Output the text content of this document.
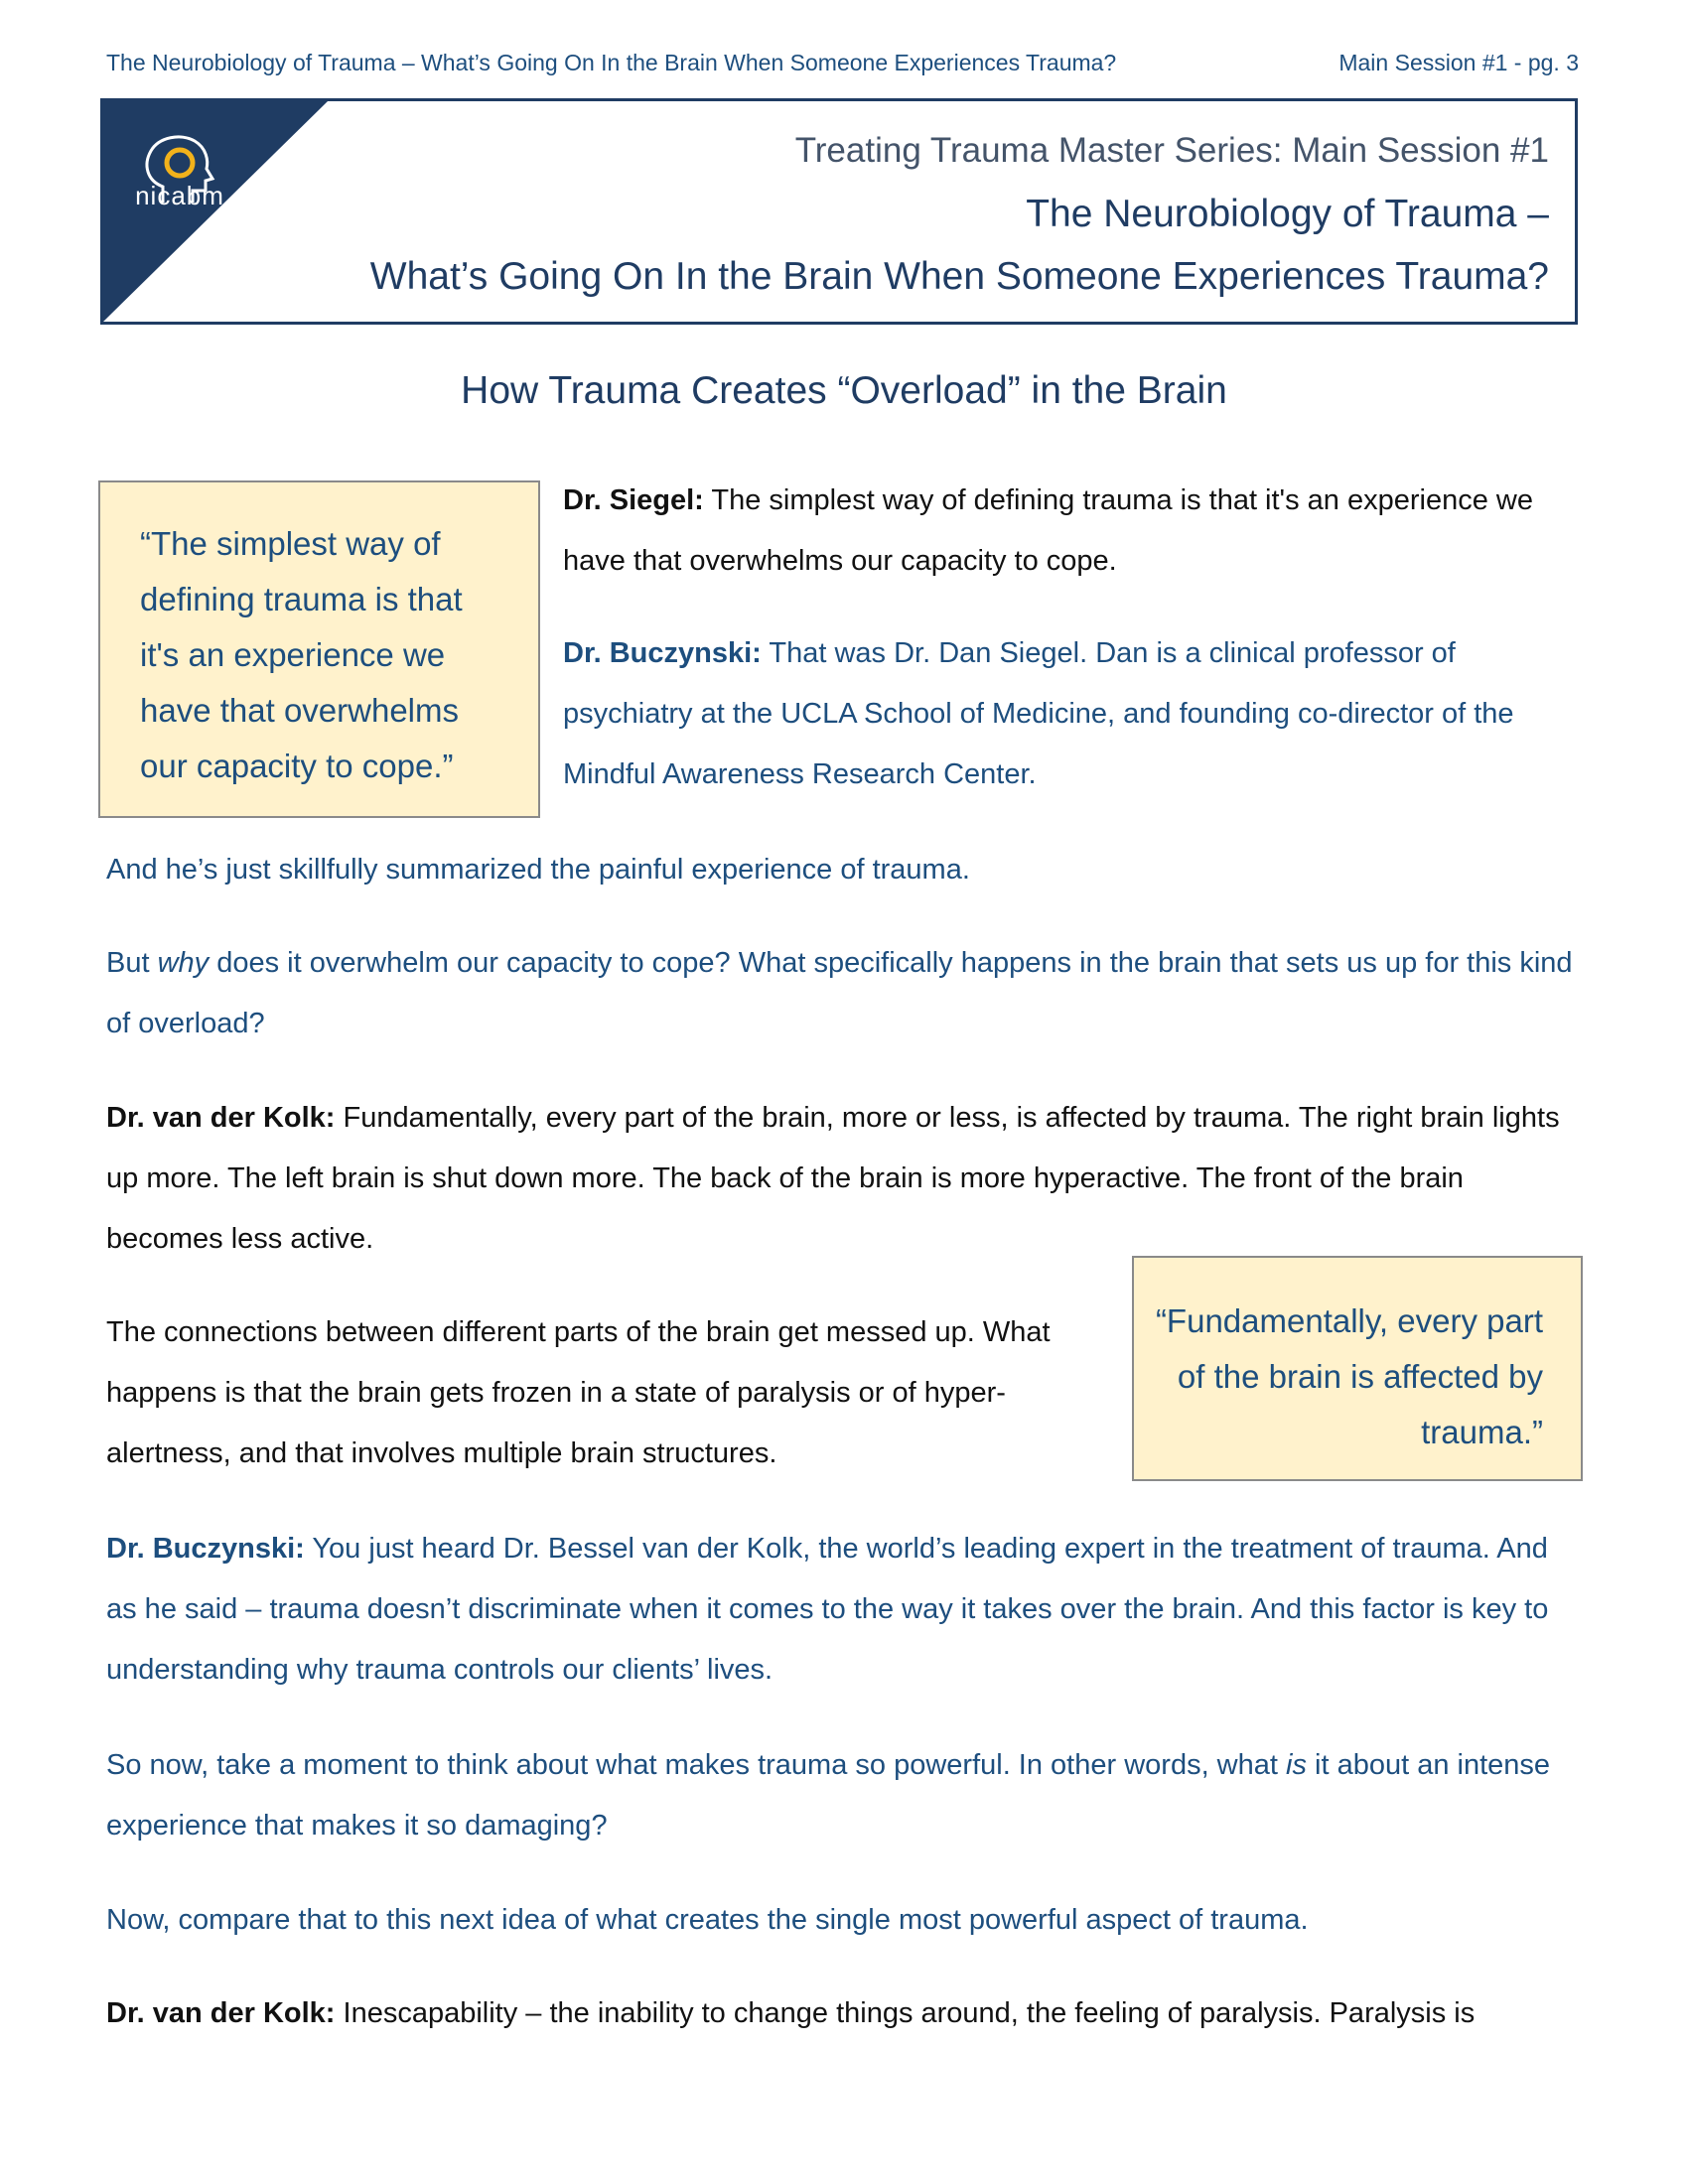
The Neurobiology of Trauma – What’s Going On In the Brain When Someone Experiences Trauma?	Main Session #1 - pg. 3
nicabm
Treating Trauma Master Series: Main Session #1
The Neurobiology of Trauma –
What’s Going On In the Brain When Someone Experiences Trauma?
How Trauma Creates “Overload” in the Brain
“The simplest way of defining trauma is that it's an experience we have that overwhelms our capacity to cope.”

Dr. Siegel: The simplest way of defining trauma is that it's an experience we have that overwhelms our capacity to cope.

Dr. Buczynski: That was Dr. Dan Siegel. Dan is a clinical professor of psychiatry at the UCLA School of Medicine, and founding co-director of the Mindful Awareness Research Center.

And he’s just skillfully summarized the painful experience of trauma.

But why does it overwhelm our capacity to cope? What specifically happens in the brain that sets us up for this kind of overload?

Dr. van der Kolk: Fundamentally, every part of the brain, more or less, is affected by trauma. The right brain lights up more. The left brain is shut down more. The back of the brain is more hyperactive. The front of the brain becomes less active.

“Fundamentally, every part of the brain is affected by trauma.”

The connections between different parts of the brain get messed up. What happens is that the brain gets frozen in a state of paralysis or of hyper-alertness, and that involves multiple brain structures.

Dr. Buczynski: You just heard Dr. Bessel van der Kolk, the world’s leading expert in the treatment of trauma. And as he said – trauma doesn’t discriminate when it comes to the way it takes over the brain. And this factor is key to understanding why trauma controls our clients’ lives.

So now, take a moment to think about what makes trauma so powerful. In other words, what is it about an intense experience that makes it so damaging?

Now, compare that to this next idea of what creates the single most powerful aspect of trauma.

Dr. van der Kolk: Inescapability – the inability to change things around, the feeling of paralysis. Paralysis is
